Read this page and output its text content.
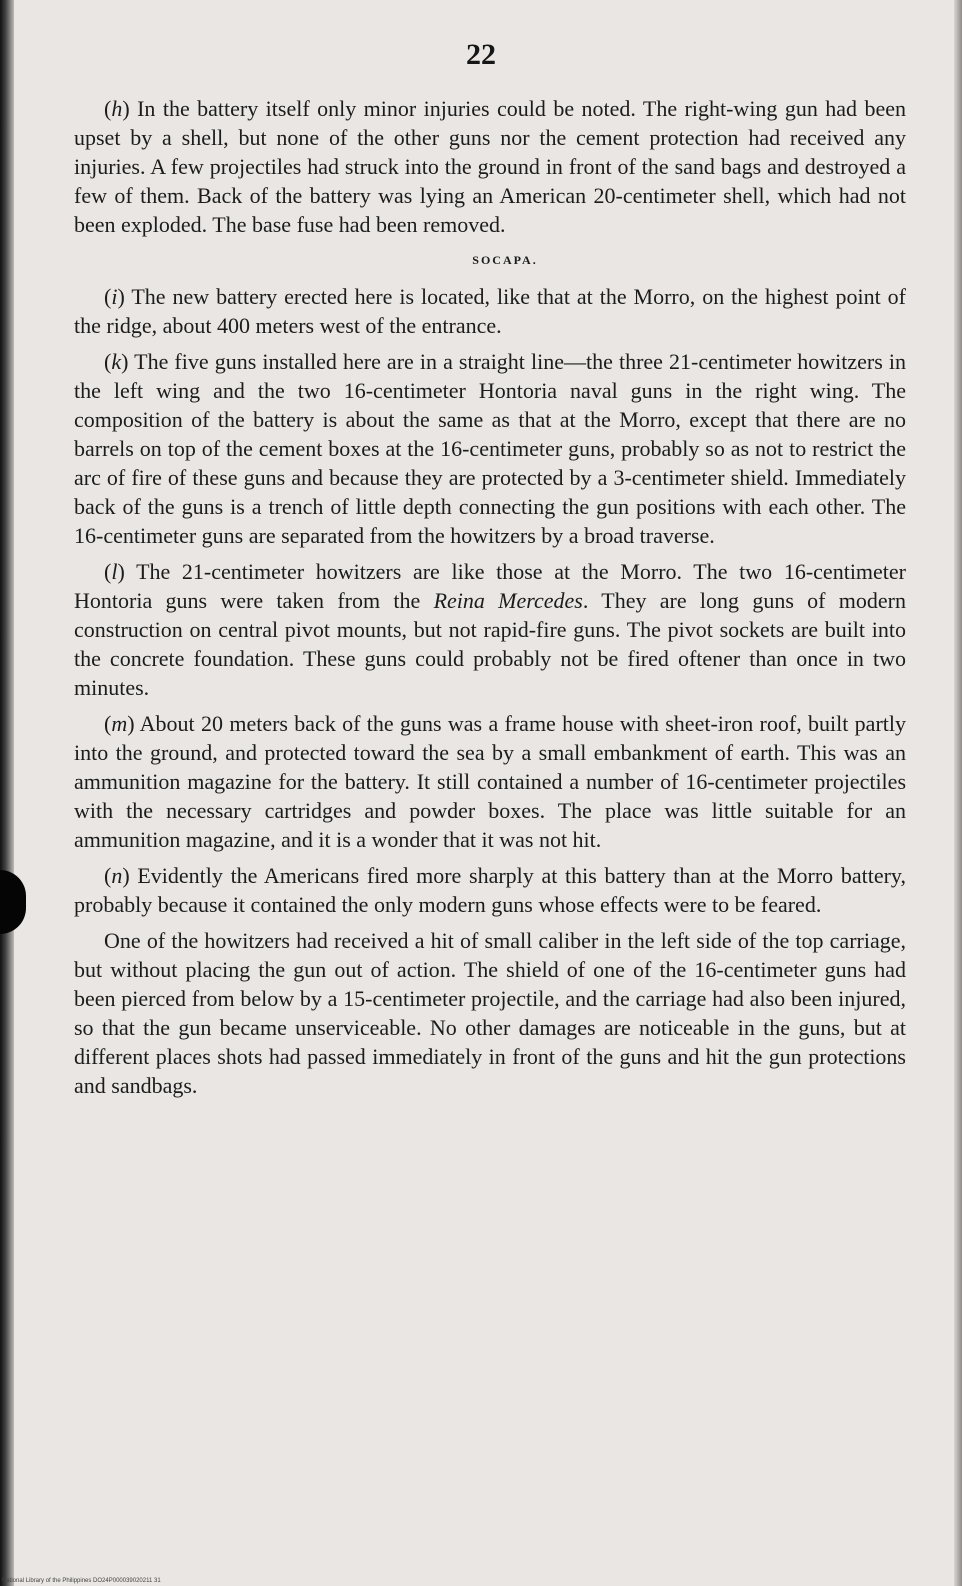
22

(h) In the battery itself only minor injuries could be noted. The right-wing gun had been upset by a shell, but none of the other guns nor the cement protection had received any injuries. A few projectiles had struck into the ground in front of the sand bags and destroyed a few of them. Back of the battery was lying an American 20-centimeter shell, which had not been exploded. The base fuse had been removed.

SOCAPA.

(i) The new battery erected here is located, like that at the Morro, on the highest point of the ridge, about 400 meters west of the entrance.

(k) The five guns installed here are in a straight line—the three 21-centimeter howitzers in the left wing and the two 16-centimeter Hontoria naval guns in the right wing. The composition of the battery is about the same as that at the Morro, except that there are no barrels on top of the cement boxes at the 16-centimeter guns, probably so as not to restrict the arc of fire of these guns and because they are protected by a 3-centimeter shield. Immediately back of the guns is a trench of little depth connecting the gun positions with each other. The 16-centimeter guns are separated from the howitzers by a broad traverse.

(l) The 21-centimeter howitzers are like those at the Morro. The two 16-centimeter Hontoria guns were taken from the Reina Mercedes. They are long guns of modern construction on central pivot mounts, but not rapid-fire guns. The pivot sockets are built into the concrete foundation. These guns could probably not be fired oftener than once in two minutes.

(m) About 20 meters back of the guns was a frame house with sheet-iron roof, built partly into the ground, and protected toward the sea by a small embankment of earth. This was an ammunition magazine for the battery. It still contained a number of 16-centimeter projectiles with the necessary cartridges and powder boxes. The place was little suitable for an ammunition magazine, and it is a wonder that it was not hit.

(n) Evidently the Americans fired more sharply at this battery than at the Morro battery, probably because it contained the only modern guns whose effects were to be feared.

One of the howitzers had received a hit of small caliber in the left side of the top carriage, but without placing the gun out of action. The shield of one of the 16-centimeter guns had been pierced from below by a 15-centimeter projectile, and the carriage had also been injured, so that the gun became unserviceable. No other damages are noticeable in the guns, but at different places shots had passed immediately in front of the guns and hit the gun protections and sandbags.

National Library of the Philippines DO24P000039020211 31
